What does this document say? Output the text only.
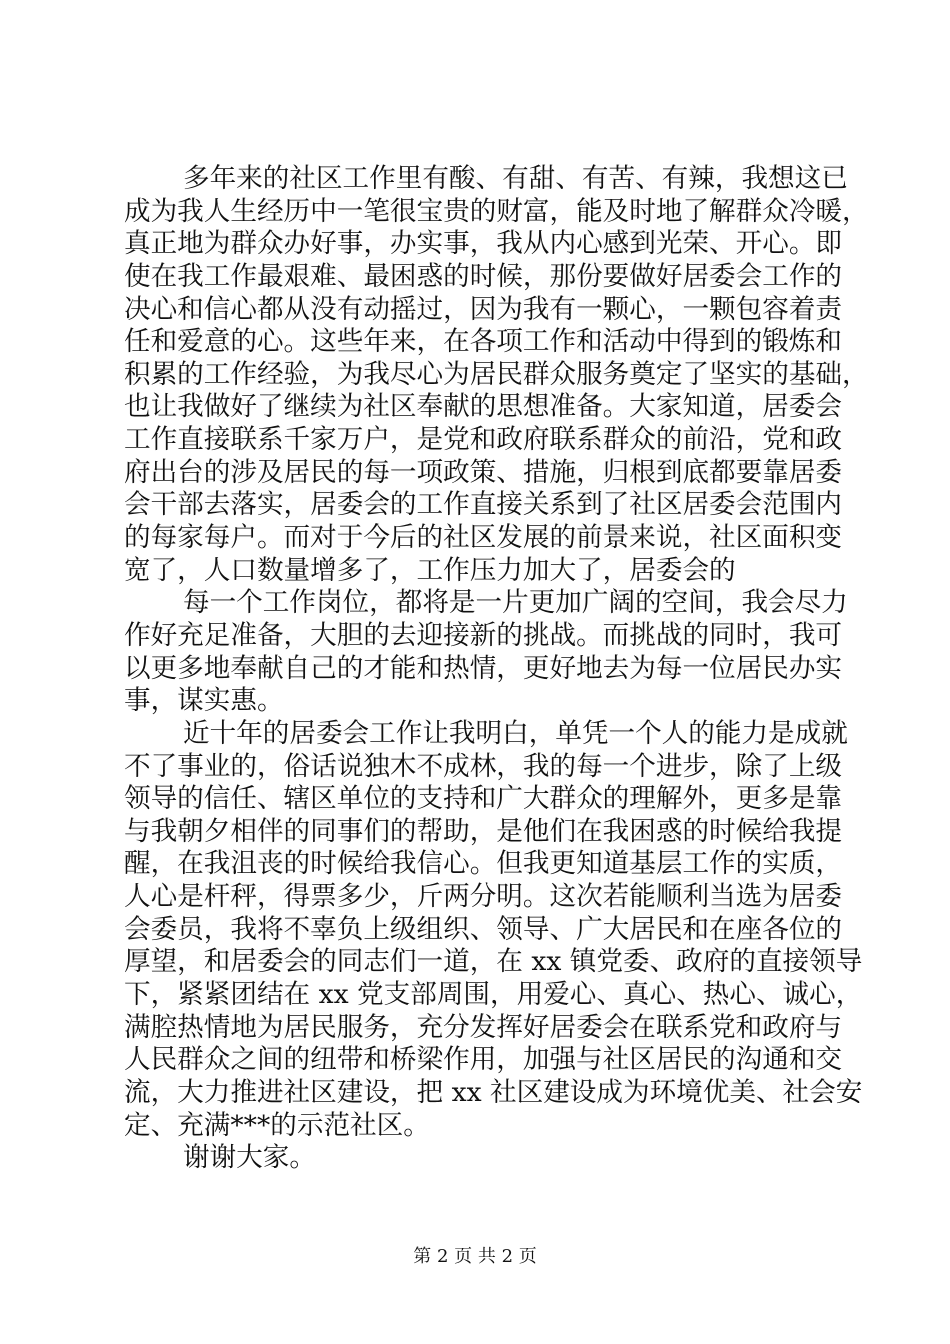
多年来的社区工作里有酸、有甜、有苦、有辣，我想这已
成为我人生经历中一笔很宝贵的财富，能及时地了解群众冷暖，
真正地为群众办好事，办实事，我从内心感到光荣、开心。即
使在我工作最艰难、最困惑的时候，那份要做好居委会工作的
决心和信心都从没有动摇过，因为我有一颗心，一颗包容着责
任和爱意的心。这些年来，在各项工作和活动中得到的锻炼和
积累的工作经验，为我尽心为居民群众服务奠定了坚实的基础，
也让我做好了继续为社区奉献的思想准备。大家知道，居委会
工作直接联系千家万户，是党和政府联系群众的前沿，党和政
府出台的涉及居民的每一项政策、措施，归根到底都要靠居委
会干部去落实，居委会的工作直接关系到了社区居委会范围内
的每家每户。而对于今后的社区发展的前景来说，社区面积变
宽了，人口数量增多了，工作压力加大了，居委会的
每一个工作岗位，都将是一片更加广阔的空间，我会尽力
作好充足准备，大胆的去迎接新的挑战。而挑战的同时，我可
以更多地奉献自己的才能和热情，更好地去为每一位居民办实
事，谋实惠。
近十年的居委会工作让我明白，单凭一个人的能力是成就
不了事业的，俗话说独木不成林，我的每一个进步，除了上级
领导的信任、辖区单位的支持和广大群众的理解外，更多是靠
与我朝夕相伴的同事们的帮助，是他们在我困惑的时候给我提
醒，在我沮丧的时候给我信心。但我更知道基层工作的实质，
人心是杆秤，得票多少，斤两分明。这次若能顺利当选为居委
会委员，我将不辜负上级组织、领导、广大居民和在座各位的
厚望，和居委会的同志们一道，在 xx 镇党委、政府的直接领导
下，紧紧团结在 xx 党支部周围，用爱心、真心、热心、诚心，
满腔热情地为居民服务，充分发挥好居委会在联系党和政府与
人民群众之间的纽带和桥梁作用，加强与社区居民的沟通和交
流，大力推进社区建设，把 xx 社区建设成为环境优美、社会安
定、充满***的示范社区。
谢谢大家。
第 2 页 共 2 页
